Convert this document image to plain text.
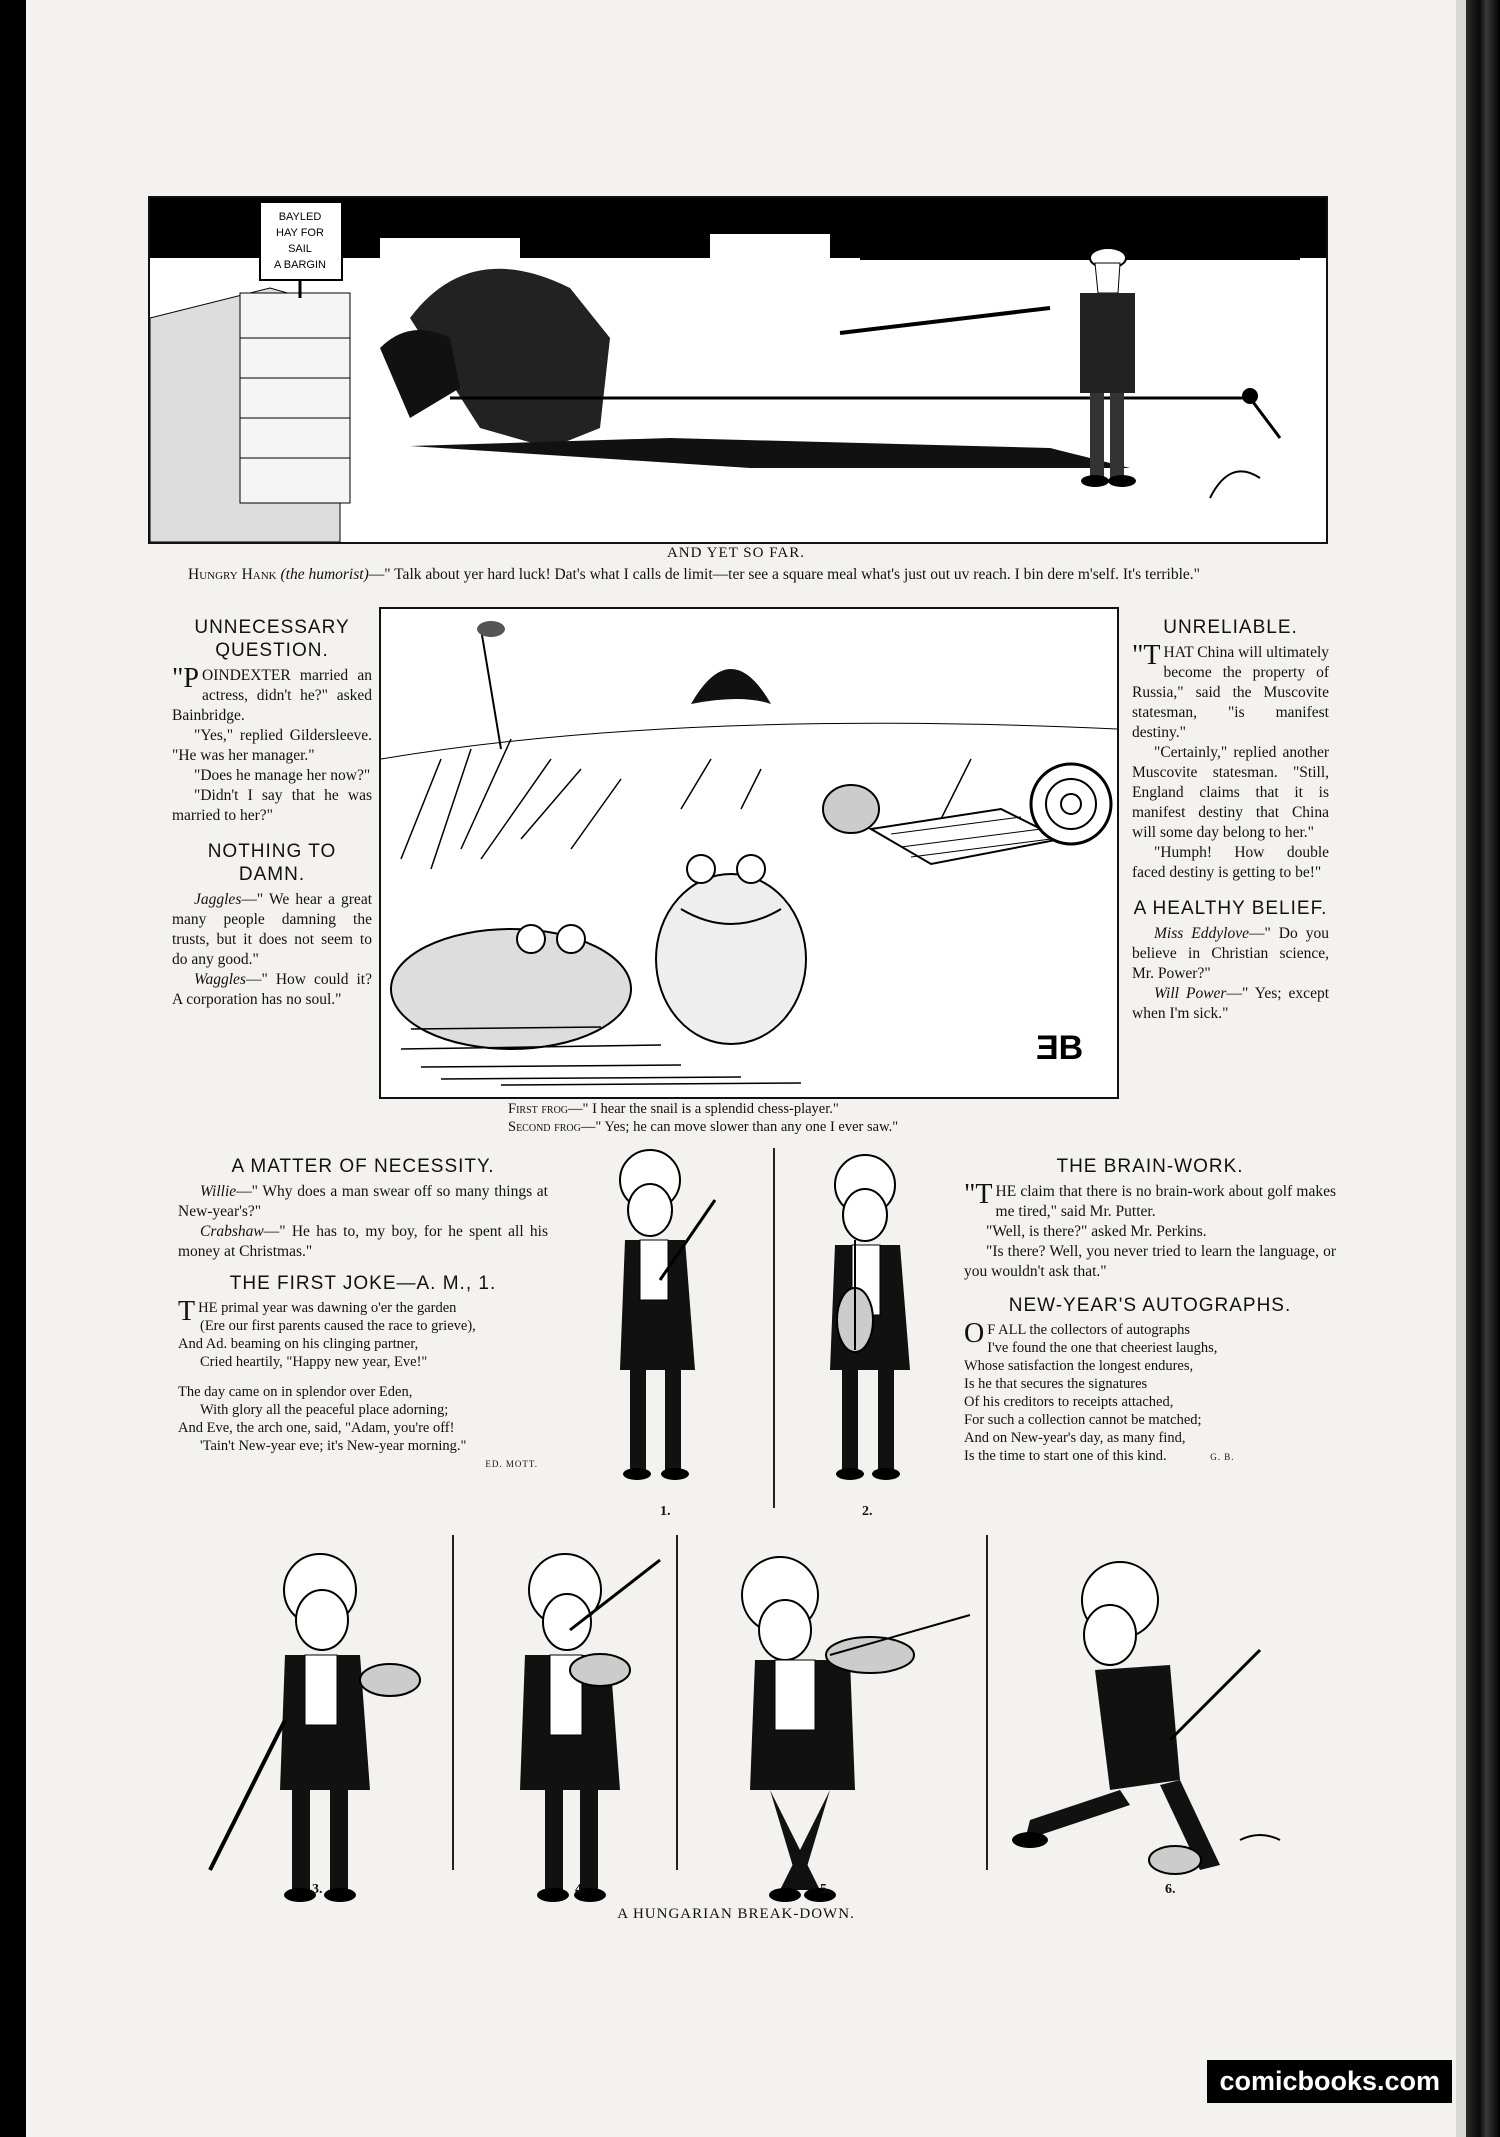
BAYLED
HAY FOR
SAIL
A BARGIN
AND YET SO FAR.
Hungry Hank (the humorist)—" Talk about yer hard luck! Dat's what I calls de limit—ter see a square meal what's just out uv reach. I bin dere m'self. It's terrible."
UNNECESSARY QUESTION.

"POINDEXTER married an actress, didn't he?" asked Bainbridge.

"Yes," replied Gildersleeve. "He was her manager."

"Does he manage her now?"

"Didn't I say that he was married to her?"

NOTHING TO DAMN.

Jaggles—" We hear a great many people damning the trusts, but it does not seem to do any good."

Waggles—" How could it? A corporation has no soul."

ƎB
First frog—" I hear the snail is a splendid chess-player."
Second frog—" Yes; he can move slower than any one I ever saw."
UNRELIABLE.

"THAT China will ultimately become the property of Russia," said the Muscovite statesman, "is manifest destiny."

"Certainly," replied another Muscovite statesman. "Still, England claims that it is manifest destiny that China will some day belong to her."

"Humph! How double faced destiny is getting to be!"

A HEALTHY BELIEF.

Miss Eddylove—" Do you believe in Christian science, Mr. Power?"

Will Power—" Yes; except when I'm sick."

A MATTER OF NECESSITY.

Willie—" Why does a man swear off so many things at New-year's?"

Crabshaw—" He has to, my boy, for he spent all his money at Christmas."

THE FIRST JOKE—A. M., 1.

THE primal year was dawning o'er the garden

(Ere our first parents caused the race to grieve),

And Ad. beaming on his clinging partner,

Cried heartily, "Happy new year, Eve!"

The day came on in splendor over Eden,

With glory all the peaceful place adorning;

And Eve, the arch one, said, "Adam, you're off!

'Tain't New-year eve; it's New-year morning."

ED. MOTT.

1.	2.
THE BRAIN-WORK.

"THE claim that there is no brain-work about golf makes me tired," said Mr. Putter.

"Well, is there?" asked Mr. Perkins.

"Is there? Well, you never tried to learn the language, or you wouldn't ask that."

NEW-YEAR'S AUTOGRAPHS.

O F ALL the collectors of autographs

I've found the one that cheeriest laughs,

Whose satisfaction the longest endures,

Is he that secures the signatures

Of his creditors to receipts attached,

For such a collection cannot be matched;

And on New-year's day, as many find,

Is the time to start one of this kind.	G. B.

3.	4.	5.	6.
A HUNGARIAN BREAK-DOWN.
comicbooks.com
